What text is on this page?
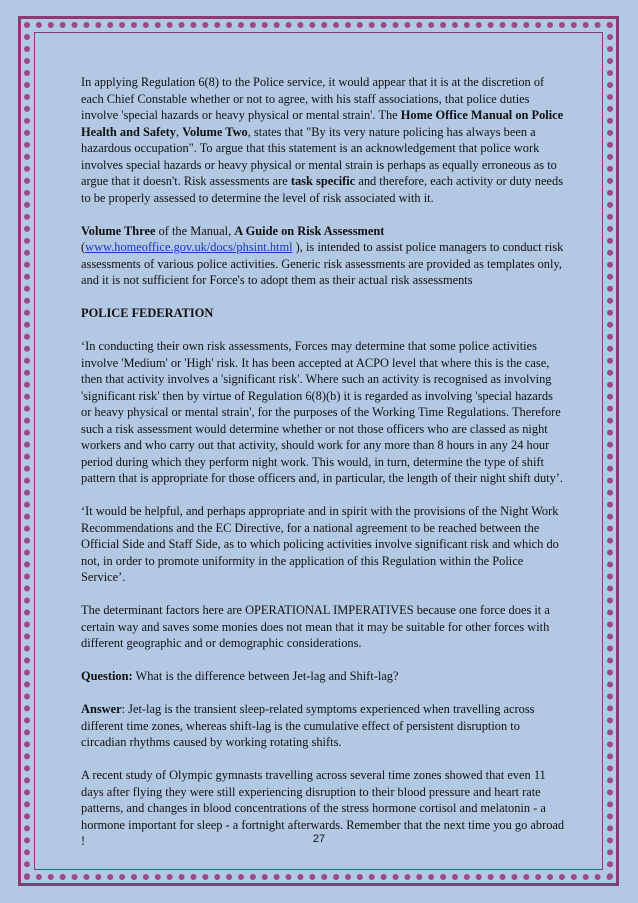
In applying Regulation 6(8) to the Police service, it would appear that it is at the discretion of each Chief Constable whether or not to agree, with his staff associations, that police duties involve 'special hazards or heavy physical or mental strain'. The Home Office Manual on Police Health and Safety, Volume Two, states that "By its very nature policing has always been a hazardous occupation". To argue that this statement is an acknowledgement that police work involves special hazards or heavy physical or mental strain is perhaps as equally erroneous as to argue that it doesn't. Risk assessments are task specific and therefore, each activity or duty needs to be properly assessed to determine the level of risk associated with it.

Volume Three of the Manual, A Guide on Risk Assessment (www.homeoffice.gov.uk/docs/phsint.html ), is intended to assist police managers to conduct risk assessments of various police activities. Generic risk assessments are provided as templates only, and it is not sufficient for Force's to adopt them as their actual risk assessments

POLICE FEDERATION

‘In conducting their own risk assessments, Forces may determine that some police activities involve 'Medium' or 'High' risk. It has been accepted at ACPO level that where this is the case, then that activity involves a 'significant risk'. Where such an activity is recognised as involving 'significant risk' then by virtue of Regulation 6(8)(b) it is regarded as involving 'special hazards or heavy physical or mental strain', for the purposes of the Working Time Regulations. Therefore such a risk assessment would determine whether or not those officers who are classed as night workers and who carry out that activity, should work for any more than 8 hours in any 24 hour period during which they perform night work. This would, in turn, determine the type of shift pattern that is appropriate for those officers and, in particular, the length of their night shift duty’.

‘It would be helpful, and perhaps appropriate and in spirit with the provisions of the Night Work Recommendations and the EC Directive, for a national agreement to be reached between the Official Side and Staff Side, as to which policing activities involve significant risk and which do not, in order to promote uniformity in the application of this Regulation within the Police Service’.

The determinant factors here are OPERATIONAL IMPERATIVES because one force does it a certain way and saves some monies does not mean that it may be suitable for other forces with different geographic and or demographic considerations.

Question: What is the difference between Jet-lag and Shift-lag?

Answer: Jet-lag is the transient sleep-related symptoms experienced when travelling across different time zones, whereas shift-lag is the cumulative effect of persistent disruption to circadian rhythms caused by working rotating shifts.

A recent study of Olympic gymnasts travelling across several time zones showed that even 11 days after flying they were still experiencing disruption to their blood pressure and heart rate patterns, and changes in blood concentrations of the stress hormone cortisol and melatonin - a hormone important for sleep - a fortnight afterwards. Remember that the next time you go abroad !	27
